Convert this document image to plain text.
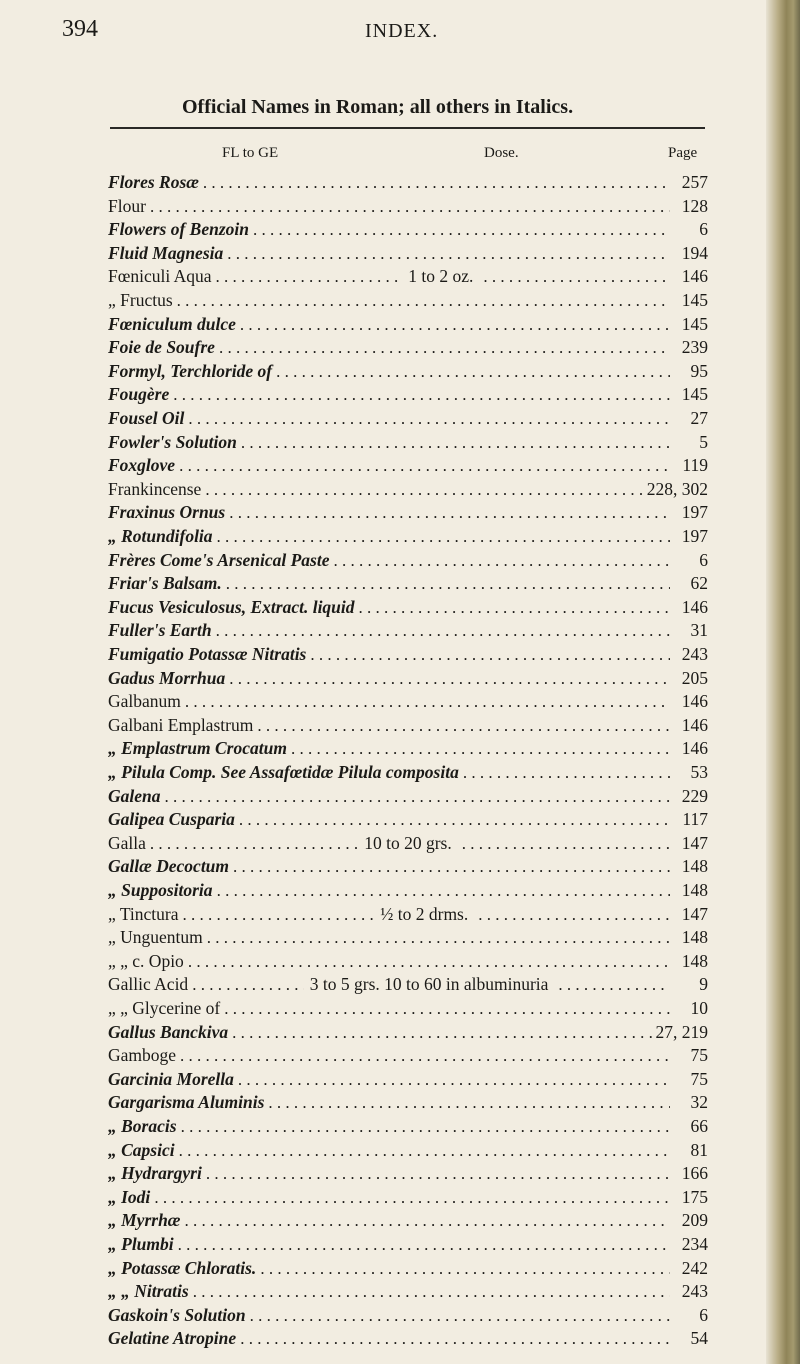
394	INDEX.
Official Names in Roman; all others in Italics.
FL to GE	Dose.	Page
Flores Rosæ . . .	257
Flour . . .	128
Flowers of Benzoin . . .	6
Fluid Magnesia . . .	194
Fœniculi Aqua . . .	1 to 2 oz. . . .	146
„ Fructus . . .	145
Fœniculum dulce . . .	145
Foie de Soufre . . .	239
Formyl, Terchloride of . . .	95
Fougère . . .	145
Fousel Oil . . .	27
Fowler's Solution . . .	5
Foxglove . . .	119
Frankincense . . .	228, 302
Fraxinus Ornus . . .	197
„ Rotundifolia . . .	197
Frères Come's Arsenical Paste . . .	6
Friar's Balsam. . . .	62
Fucus Vesiculosus, Extract. liquid . . .	146
Fuller's Earth . . .	31
Fumigatio Potassæ Nitratis . . .	243
Gadus Morrhua . . .	205
Galbanum . . .	146
Galbani Emplastrum . . .	146
„ Emplastrum Crocatum . . .	146
„ Pilula Comp. See Assafœtidæ Pilula composita . . .	53
Galena . . .	229
Galipea Cusparia . . .	117
Galla . . .	10 to 20 grs. . . .	147
Gallæ Decoctum . . .	148
„ Suppositoria . . .	148
„ Tinctura . . .	½ to 2 drms. . . .	147
„ Unguentum . . .	148
„ „ c. Opio . . .	148
Gallic Acid . . .	3 to 5 grs. 10 to 60 in albuminuria . . .	9
„ „ Glycerine of . . .	10
Gallus Banckiva . . .	27, 219
Gamboge . . .	75
Garcinia Morella . . .	75
Gargarisma Aluminis . . .	32
„ Boracis . . .	66
„ Capsici . . .	81
„ Hydrargyri . . .	166
„ Iodi . . .	175
„ Myrrhæ . . .	209
„ Plumbi . . .	234
„ Potassæ Chloratis. . . .	242
„ „ Nitratis . . .	243
Gaskoin's Solution . . .	6
Gelatine Atropine . . .	54
